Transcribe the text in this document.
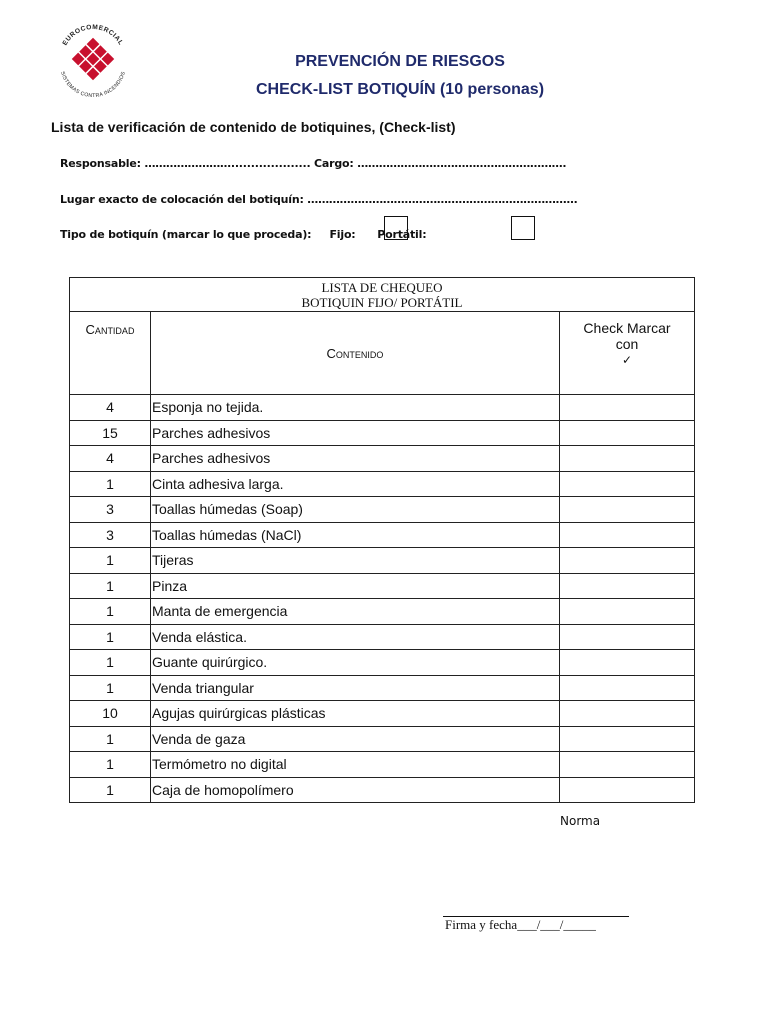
EUROCOMERCIAL
SISTEMAS CONTRA INCENDIOS
PREVENCIÓN DE RIESGOS
CHECK-LIST BOTIQUÍN (10 personas)
Lista de verificación de contenido de botiquines, (Check-list)
Responsable: …………………….................... Cargo: ………………………………………………….
Lugar exacto de colocación del botiquín: …………………………………………………………………
Tipo de botiquín (marcar lo que proceda):     Fijo:      Portátil:
LISTA DE CHEQUEO
BOTIQUIN FIJO/ PORTÁTIL		

Cantidad	Contenido	Check Marcar
con
✓

4	Esponja no tejida.	
15	Parches adhesivos	
4	Parches adhesivos	
1	Cinta adhesiva larga.	
3	Toallas húmedas (Soap)	
3	Toallas húmedas (NaCl)	
1	Tijeras	
1	Pinza	
1	Manta de emergencia	
1	Venda elástica.	
1	Guante quirúrgico.	
1	Venda triangular	
10	Agujas quirúrgicas plásticas	
1	Venda de gaza	
1	Termómetro no digital	
1	Caja de homopolímero	
Norma
Firma y fecha___/___/_____
